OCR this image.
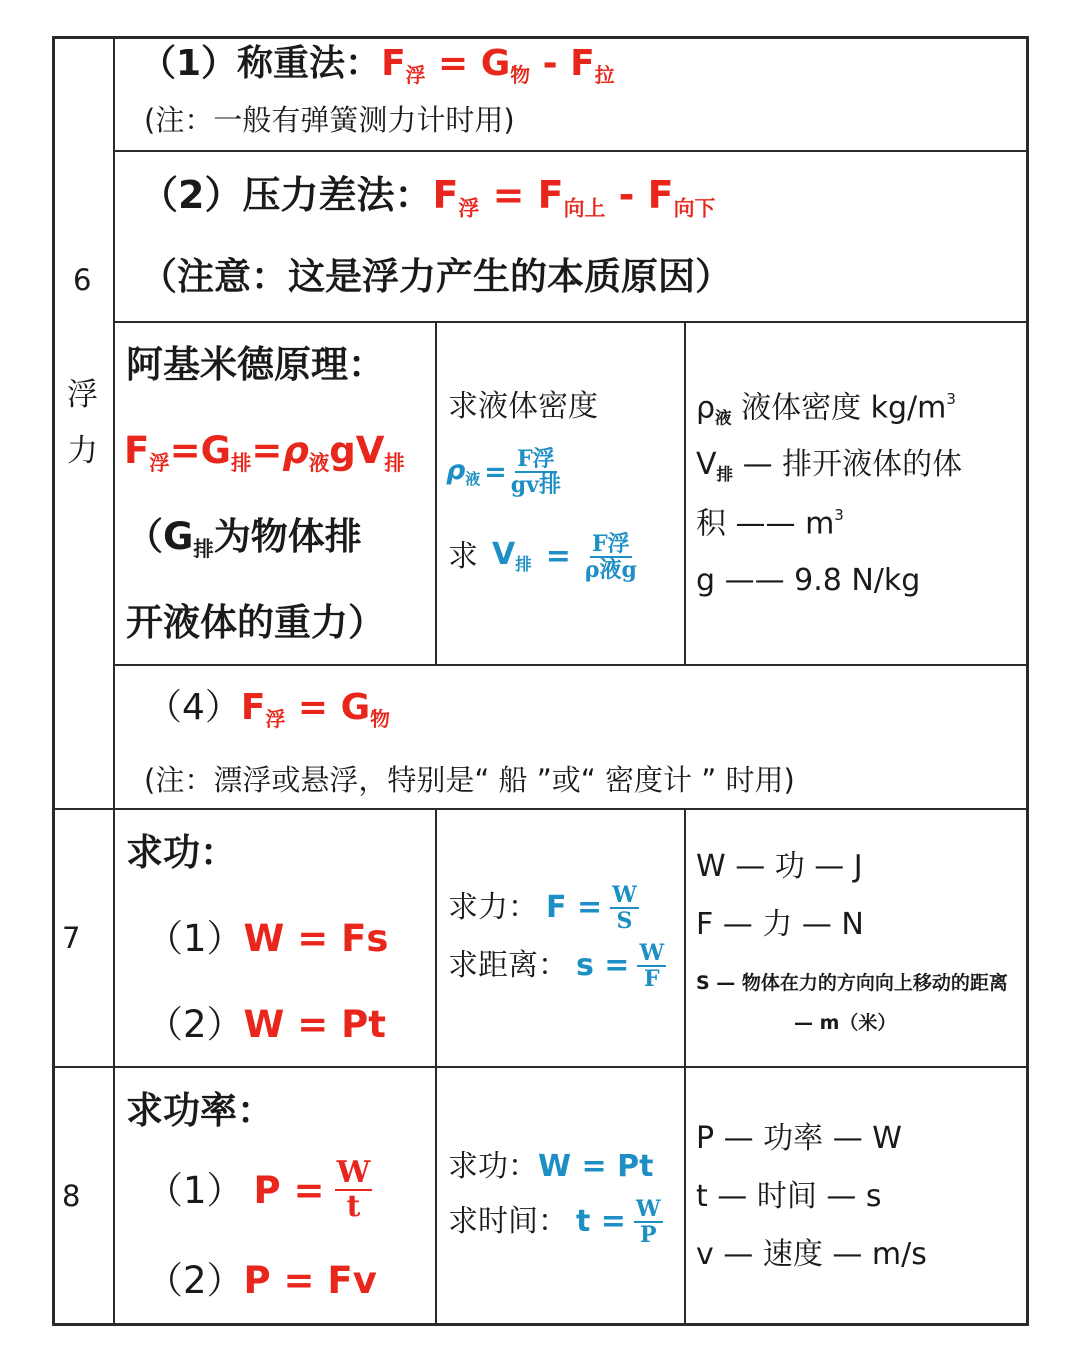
6
浮
力
7
8
（1）称重法：$F_浮 = G_物 - F_拉$
(注：一般有弹簧测力计时用)
（2）压力差法：$F_浮 = F_{向上} - F_{向下}$
（注意：这是浮力产生的本质原因）
阿基米德原理：
$F_浮=G_排=\rho_液gV_排$
（$G_排$为物体排
开液体的重力）
求液体密度
$\rho_液 = \frac{\text{F浮}}{\text{gv排}}$
求 $V_排 = \frac{\text{F浮}}{\text{ρ液g}}$
$\rho_液$ 液体密度 $kg/m^3$
$V_排$ — 排开液体的体
积 —— $m^3$
g —— 9.8 N/kg
$(4)F_浮 = G_物$
(注：漂浮或悬浮，特别是“ 船 ”或“ 密度计 ” 时用)
求功：
（1）W = Fs
（2）W = Pt
求力： $F = \frac{W}{S}$
求距离： $s = \frac{W}{F}$
W — 功 — J
F — 力 — N
S — 物体在力的方向向上移动的距离
— m（米）
求功率：
（1） $P = \frac{W}{t}$
（2）P = Fv
求功：W = Pt
求时间： $t = \frac{W}{P}$
P — 功率 — W
t — 时间 — s
v — 速度 — m/s
